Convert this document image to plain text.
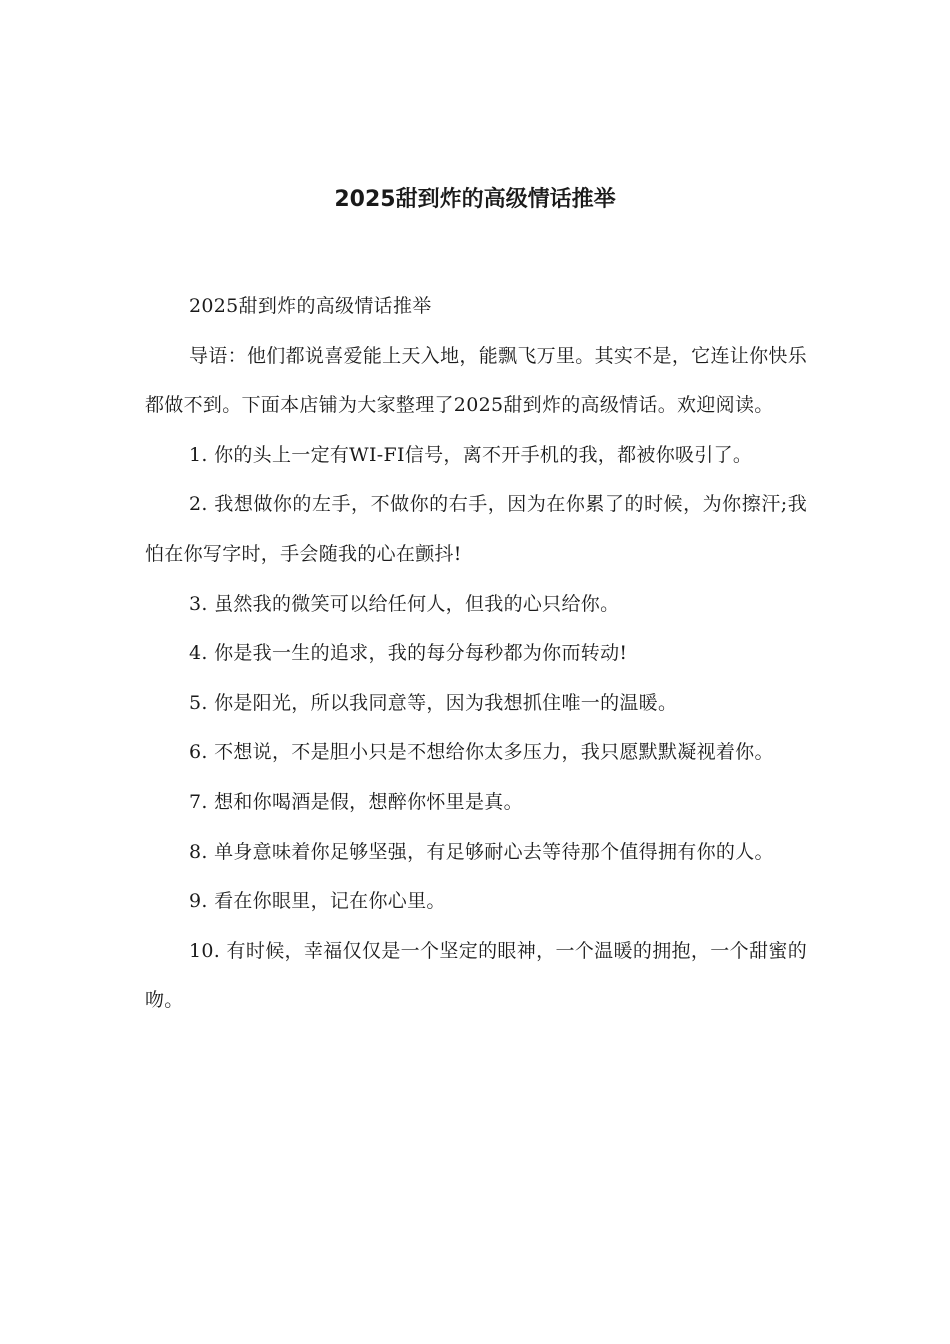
2025甜到炸的高级情话推举

2025甜到炸的高级情话推举

导语：他们都说喜爱能上天入地，能飘飞万里。其实不是，它连让你快乐都做不到。下面本店铺为大家整理了2025甜到炸的高级情话。欢迎阅读。

1. 你的头上一定有WI-FI信号，离不开手机的我，都被你吸引了。

2. 我想做你的左手，不做你的右手，因为在你累了的时候，为你擦汗;我怕在你写字时，手会随我的心在颤抖!

3. 虽然我的微笑可以给任何人，但我的心只给你。

4. 你是我一生的追求，我的每分每秒都为你而转动!

5. 你是阳光，所以我同意等，因为我想抓住唯一的温暖。

6. 不想说，不是胆小只是不想给你太多压力，我只愿默默凝视着你。

7. 想和你喝酒是假，想醉你怀里是真。

8. 单身意味着你足够坚强，有足够耐心去等待那个值得拥有你的人。

9. 看在你眼里，记在你心里。

10. 有时候，幸福仅仅是一个坚定的眼神，一个温暖的拥抱，一个甜蜜的吻。
